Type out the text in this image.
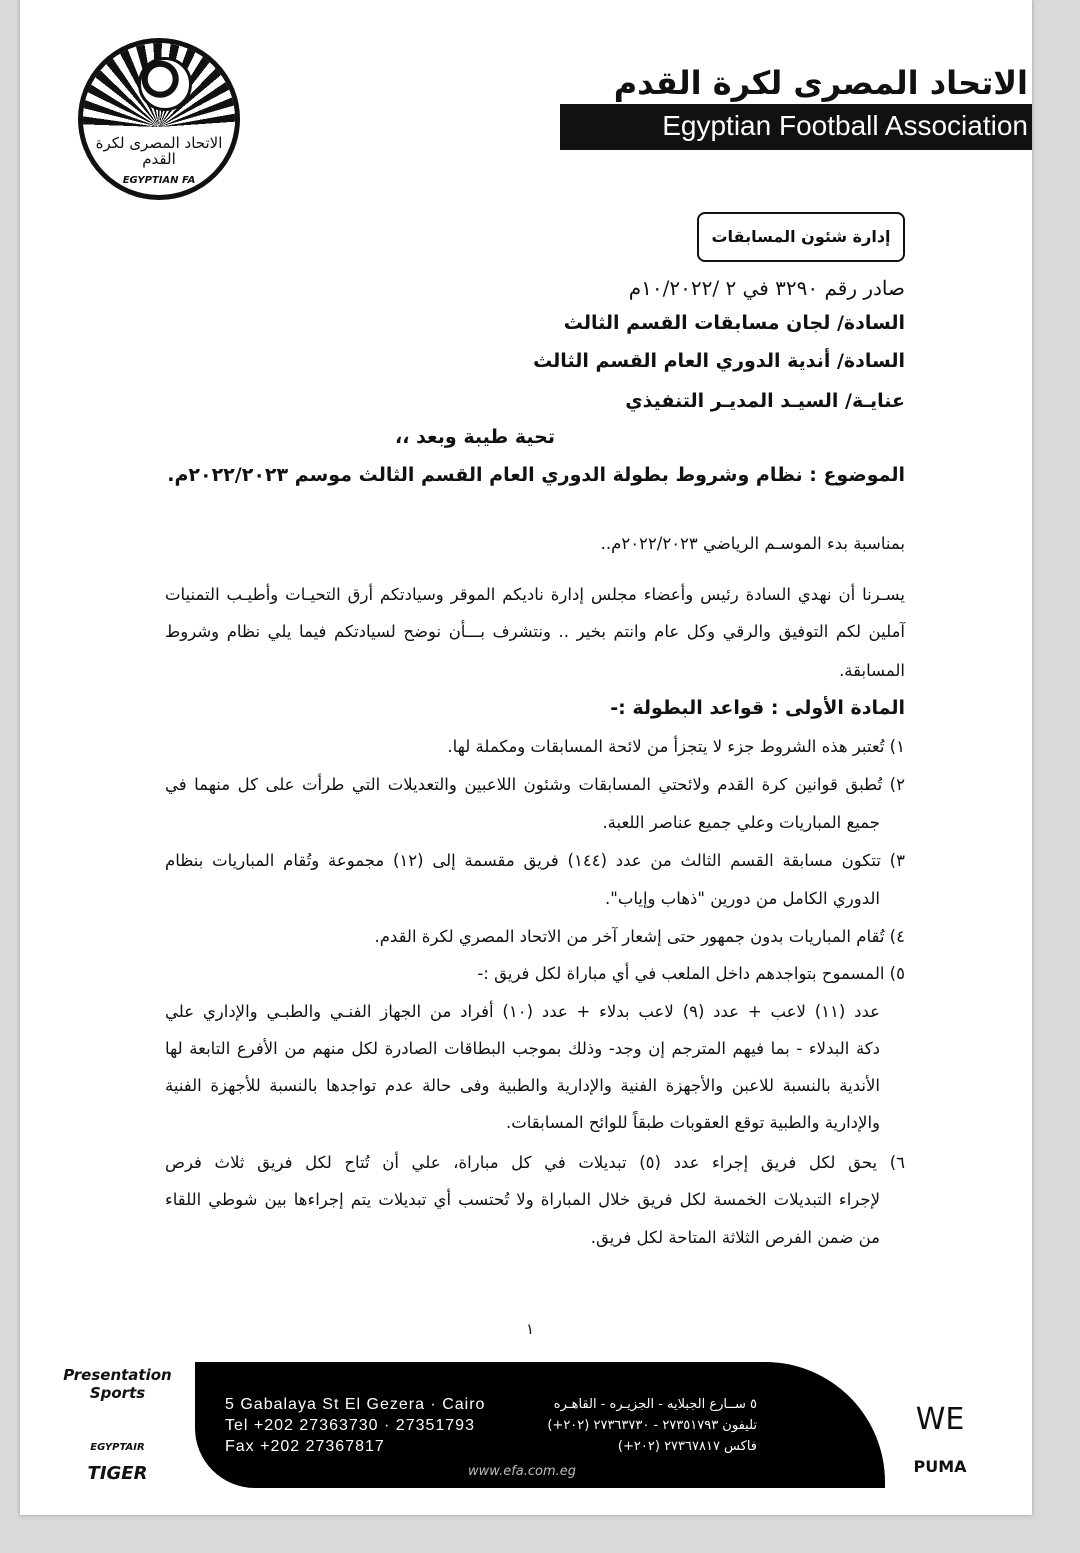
الاتحاد المصرى لكرة القدم
EGYPTIAN FA
الاتحاد المصرى لكرة القدم
Egyptian Football Association
إدارة شئون المسابقات
صادر رقم ٣٢٩٠ في ٢ /١٠/٢٠٢٢م
السادة/ لجان مسابقات القسم الثالث
السادة/ أندية الدوري العام القسم الثالث
عنايـة/ السيـد المديـر التنفيذي
تحية طيبة وبعد ،،
الموضوع : نظام وشروط بطولة الدوري العام القسم الثالث موسم ٢٠٢٢/٢٠٢٣م.
بمناسبة بدء الموسـم الرياضي ٢٠٢٢/٢٠٢٣م..
يسـرنا أن نهدي السادة رئيس وأعضاء مجلس إدارة ناديكم الموقر وسيادتكم أرق التحيـات وأطيـب التمنيات
آملين لكم التوفيق والرقي وكل عام وانتم بخير .. ونتشرف بـــأن نوضح لسيادتكم فيما يلي نظام وشروط
المسابقة.
المادة الأولى : قواعد البطولة :-
١) تُعتبر هذه الشروط جزء لا يتجزأ من لائحة المسابقات ومكملة لها.
٢) تُطبق قوانين كرة القدم ولائحتي المسابقات وشئون اللاعبين والتعديلات التي طرأت على كل منهما في
جميع المباريات وعلي جميع عناصر اللعبة.
٣) تتكون مسابقة القسم الثالث من عدد (١٤٤) فريق مقسمة إلى (١٢) مجموعة وتُقام المباريات بنظام
الدوري الكامل من دورين "ذهاب وإياب".
٤) تُقام المباريات بدون جمهور حتى إشعار آخر من الاتحاد المصري لكرة القدم.
٥) المسموح بتواجدهم داخل الملعب في أي مباراة لكل فريق :-
عدد (١١) لاعب + عدد (٩) لاعب بدلاء + عدد (١٠) أفراد من الجهاز الفنـي والطبـي والإداري علي
دكة البدلاء - بما فيهم المترجم إن وجد- وذلك بموجب البطاقات الصادرة لكل منهم من الأفرع التابعة لها
الأندية بالنسبة للاعبن والأجهزة الفنية والإدارية والطبية وفى حالة عدم تواجدها بالنسبة للأجهزة الفنية
والإدارية والطبية توقع العقوبات طبقاً للوائح المسابقات.
٦) يحق لكل فريق إجراء عدد (٥) تبديلات في كل مباراة، علي أن تُتاح لكل فريق ثلاث فرص
لإجراء التبديلات الخمسة لكل فريق خلال المباراة ولا تُحتسب أي تبديلات يتم إجراءها بين شوطي اللقاء
من ضمن الفرص الثلاثة المتاحة لكل فريق.
١
Presentation Sports
EGYPTAIR
TIGER
5 Gabalaya St El Gezera · Cairo
Tel +202 27363730 · 27351793
Fax +202 27367817
٥ ســارع الجبلايه - الجزيـره - القاهـره
تليفون ٢٧٣٥١٧٩٣ - ٢٧٣٦٣٧٣٠ (٢٠٢+)
فاكس ٢٧٣٦٧٨١٧ (٢٠٢+)
www.efa.com.eg
WE
PUMA
